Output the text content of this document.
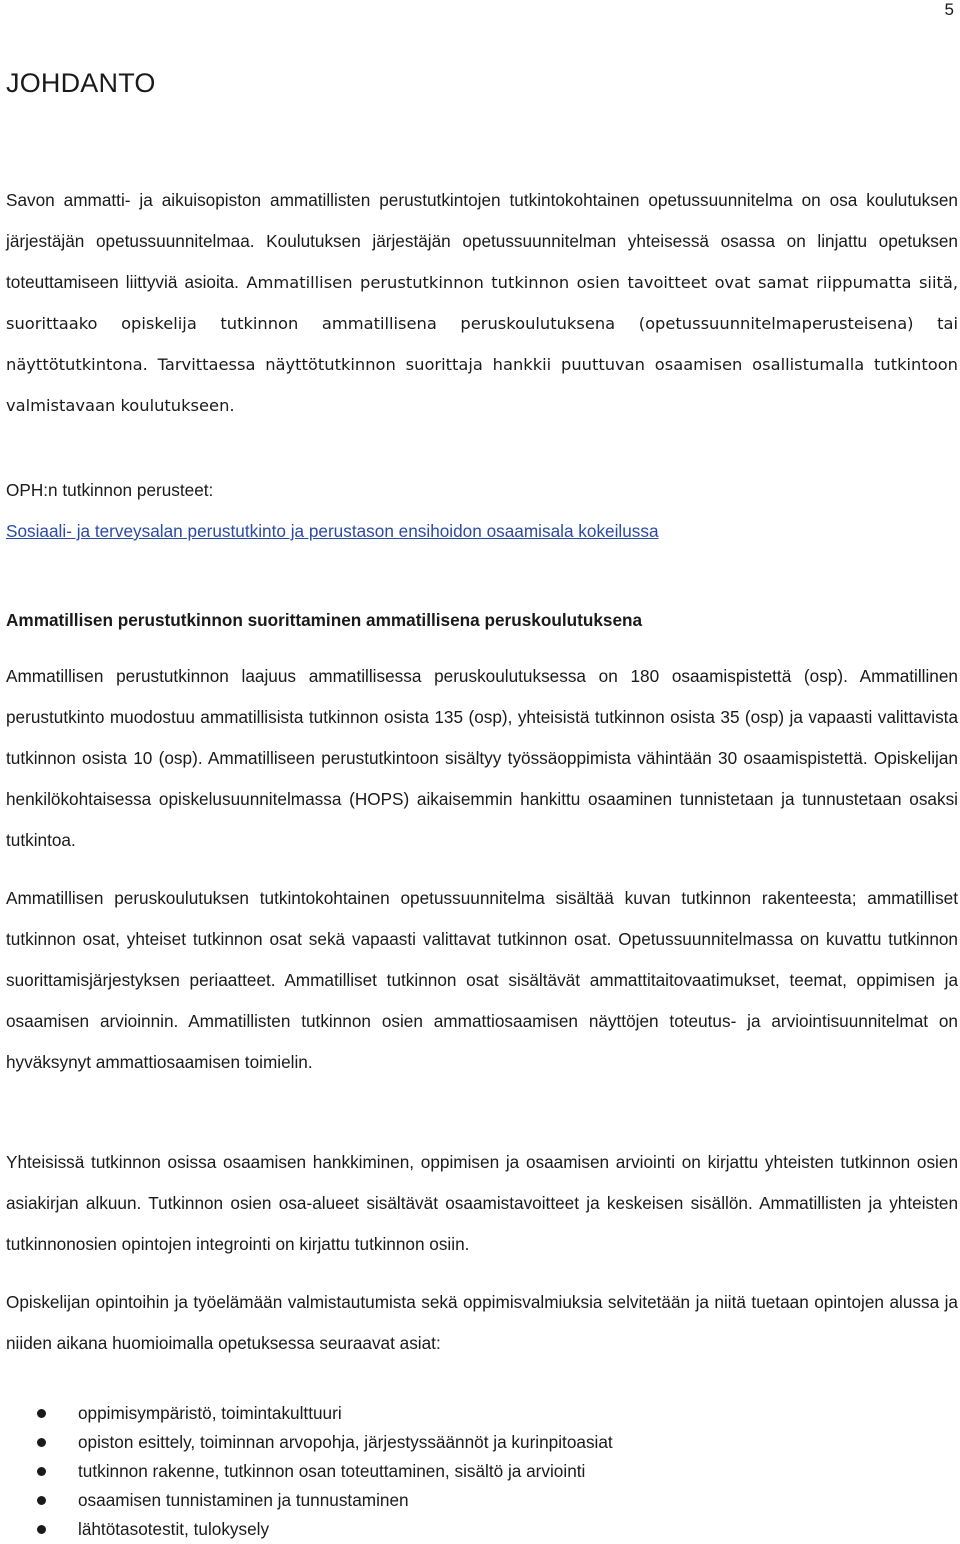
5
JOHDANTO

Savon ammatti- ja aikuisopiston ammatillisten perustutkintojen tutkintokohtainen opetussuunnitelma on osa koulutuksen järjestäjän opetussuunnitelmaa. Koulutuksen järjestäjän opetussuunnitelman yhteisessä osassa on linjattu opetuksen toteuttamiseen liittyviä asioita. Ammatillisen perustutkinnon tutkinnon osien tavoitteet ovat samat riippumatta siitä, suorittaako opiskelija tutkinnon ammatillisena peruskoulutuksena (opetussuunnitelmaperusteisena) tai näyttötutkintona. Tarvittaessa näyttötutkinnon suorittaja hankkii puuttuvan osaamisen osallistumalla tutkintoon valmistavaan koulutukseen.

OPH:n tutkinnon perusteet:

Sosiaali- ja terveysalan perustutkinto ja perustason ensihoidon osaamisala kokeilussa
Ammatillisen perustutkinnon suorittaminen ammatillisena peruskoulutuksena

Ammatillisen perustutkinnon laajuus ammatillisessa peruskoulutuksessa on 180 osaamispistettä (osp). Ammatillinen perustutkinto muodostuu ammatillisista tutkinnon osista 135 (osp), yhteisistä tutkinnon osista 35 (osp) ja vapaasti valittavista tutkinnon osista 10 (osp). Ammatilliseen perustutkintoon sisältyy työssäoppimista vähintään 30 osaamispistettä. Opiskelijan henkilökohtaisessa opiskelusuunnitelmassa (HOPS) aikaisemmin hankittu osaaminen tunnistetaan ja tunnustetaan osaksi tutkintoa.

Ammatillisen peruskoulutuksen tutkintokohtainen opetussuunnitelma sisältää kuvan tutkinnon rakenteesta; ammatilliset tutkinnon osat, yhteiset tutkinnon osat sekä vapaasti valittavat tutkinnon osat. Opetussuunnitelmassa on kuvattu tutkinnon suorittamisjärjestyksen periaatteet. Ammatilliset tutkinnon osat sisältävät ammattitaitovaatimukset, teemat, oppimisen ja osaamisen arvioinnin. Ammatillisten tutkinnon osien ammattiosaamisen näyttöjen toteutus- ja arviointisuunnitelmat on hyväksynyt ammattiosaamisen toimielin.

Yhteisissä tutkinnon osissa osaamisen hankkiminen, oppimisen ja osaamisen arviointi on kirjattu yhteisten tutkinnon osien asiakirjan alkuun. Tutkinnon osien osa-alueet sisältävät osaamistavoitteet ja keskeisen sisällön. Ammatillisten ja yhteisten tutkinnonosien opintojen integrointi on kirjattu tutkinnon osiin.

Opiskelijan opintoihin ja työelämään valmistautumista sekä oppimisvalmiuksia selvitetään ja niitä tuetaan opintojen alussa ja niiden aikana huomioimalla opetuksessa seuraavat asiat:

oppimisympäristö, toimintakulttuuri
opiston esittely, toiminnan arvopohja, järjestyssäännöt ja kurinpitoasiat
tutkinnon rakenne, tutkinnon osan toteuttaminen, sisältö ja arviointi
osaamisen tunnistaminen ja tunnustaminen
lähtötasotestit, tulokysely
